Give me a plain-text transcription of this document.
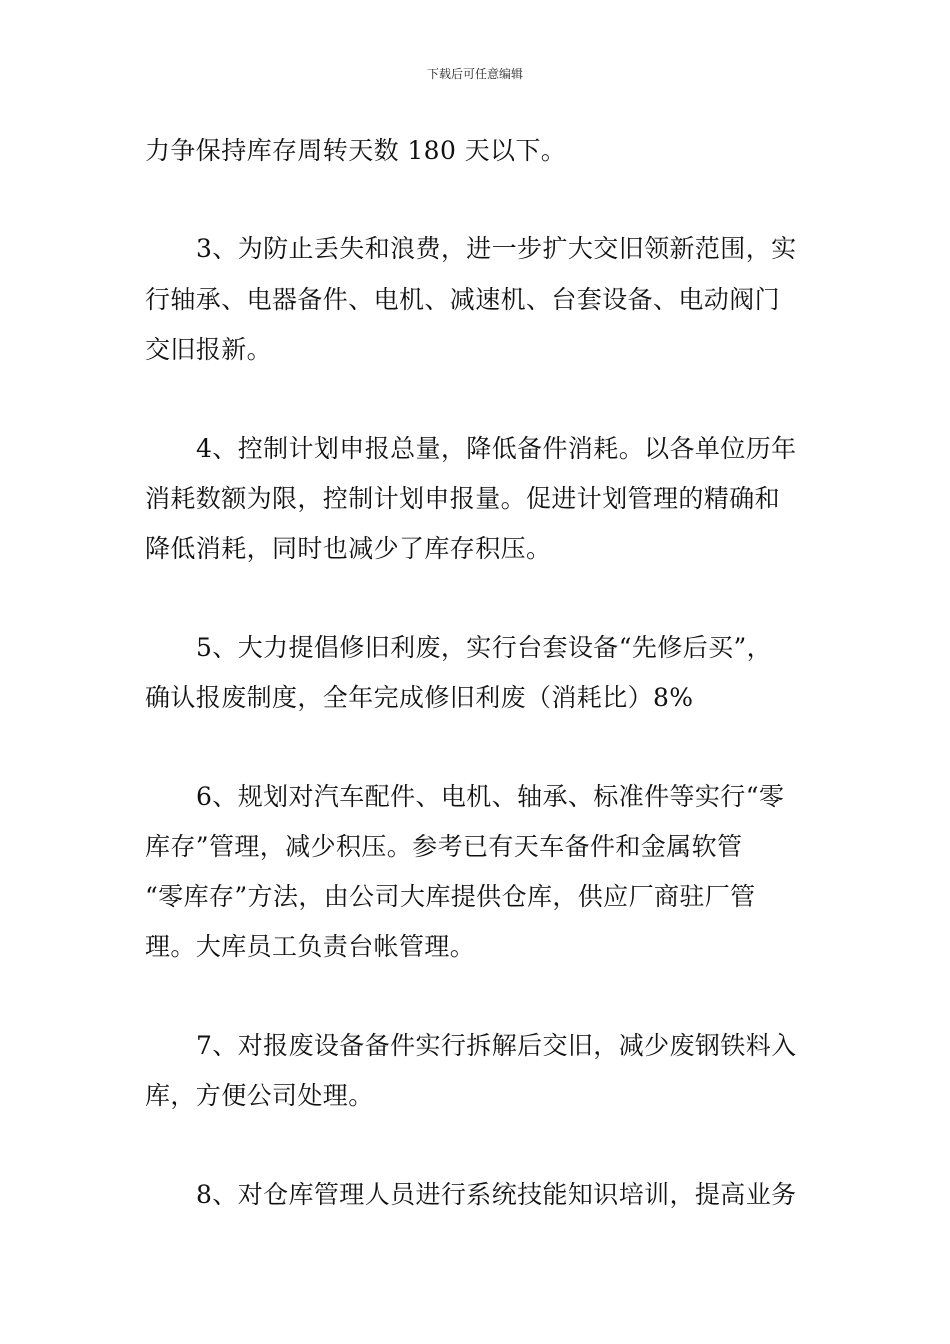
下载后可任意编辑
力争保持库存周转天数 180 天以下。
3、为防止丢失和浪费，进一步扩大交旧领新范围，实
行轴承、电器备件、电机、减速机、台套设备、电动阀门
交旧报新。
4、控制计划申报总量，降低备件消耗。以各单位历年
消耗数额为限，控制计划申报量。促进计划管理的精确和
降低消耗，同时也减少了库存积压。
5、大力提倡修旧利废，实行台套设备“先修后买”，
确认报废制度，全年完成修旧利废（消耗比）8%
6、规划对汽车配件、电机、轴承、标准件等实行“零
库存”管理，减少积压。参考已有天车备件和金属软管
“零库存”方法，由公司大库提供仓库，供应厂商驻厂管
理。大库员工负责台帐管理。
7、对报废设备备件实行拆解后交旧，减少废钢铁料入
库，方便公司处理。
8、对仓库管理人员进行系统技能知识培训，提高业务
